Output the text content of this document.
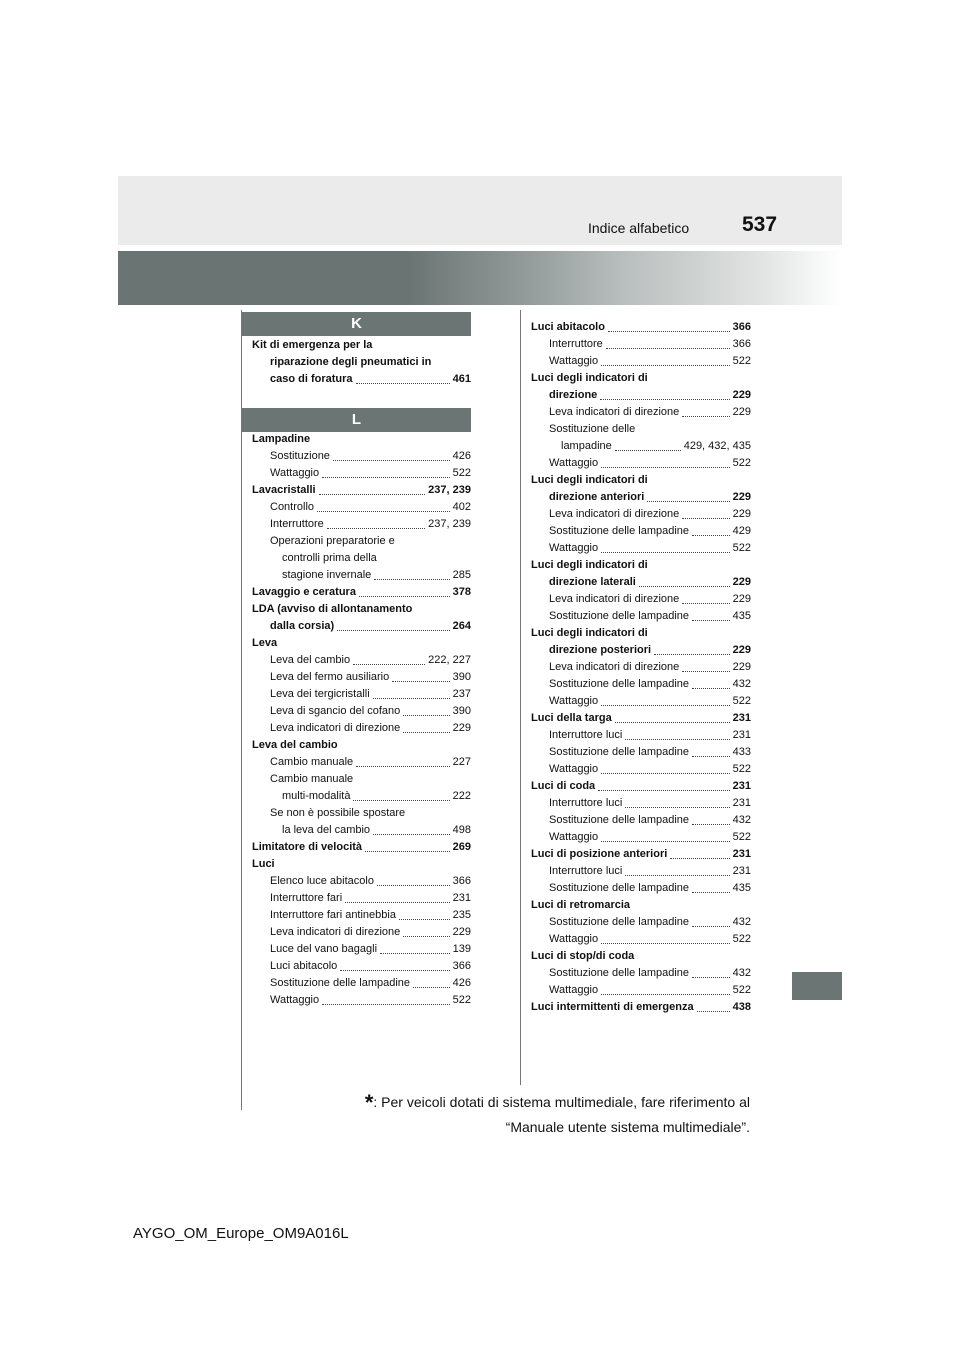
Indice alfabetico	537
K
Kit di emergenza per la
riparazione degli pneumatici in
caso di foratura	461
L
Lampadine
Sostituzione	426
Wattaggio	522
Lavacristalli	237, 239
Controllo	402
Interruttore	237, 239
Operazioni preparatorie e
controlli prima della
stagione invernale	285
Lavaggio e ceratura	378
LDA (avviso di allontanamento
dalla corsia)	264
Leva
Leva del cambio	222, 227
Leva del fermo ausiliario	390
Leva dei tergicristalli	237
Leva di sgancio del cofano	390
Leva indicatori di direzione	229
Leva del cambio
Cambio manuale	227
Cambio manuale
multi-modalità	222
Se non è possibile spostare
la leva del cambio	498
Limitatore di velocità	269
Luci
Elenco luce abitacolo	366
Interruttore fari	231
Interruttore fari antinebbia	235
Leva indicatori di direzione	229
Luce del vano bagagli	139
Luci abitacolo	366
Sostituzione delle lampadine	426
Wattaggio	522
Luci abitacolo	366
Interruttore	366
Wattaggio	522
Luci degli indicatori di
direzione	229
Leva indicatori di direzione	229
Sostituzione delle
lampadine	429, 432, 435
Wattaggio	522
Luci degli indicatori di
direzione anteriori	229
Leva indicatori di direzione	229
Sostituzione delle lampadine	429
Wattaggio	522
Luci degli indicatori di
direzione laterali	229
Leva indicatori di direzione	229
Sostituzione delle lampadine	435
Luci degli indicatori di
direzione posteriori	229
Leva indicatori di direzione	229
Sostituzione delle lampadine	432
Wattaggio	522
Luci della targa	231
Interruttore luci	231
Sostituzione delle lampadine	433
Wattaggio	522
Luci di coda	231
Interruttore luci	231
Sostituzione delle lampadine	432
Wattaggio	522
Luci di posizione anteriori	231
Interruttore luci	231
Sostituzione delle lampadine	435
Luci di retromarcia
Sostituzione delle lampadine	432
Wattaggio	522
Luci di stop/di coda
Sostituzione delle lampadine	432
Wattaggio	522
Luci intermittenti di emergenza	438
*: Per veicoli dotati di sistema multimediale, fare riferimento al
“Manuale utente sistema multimediale”.
AYGO_OM_Europe_OM9A016L
